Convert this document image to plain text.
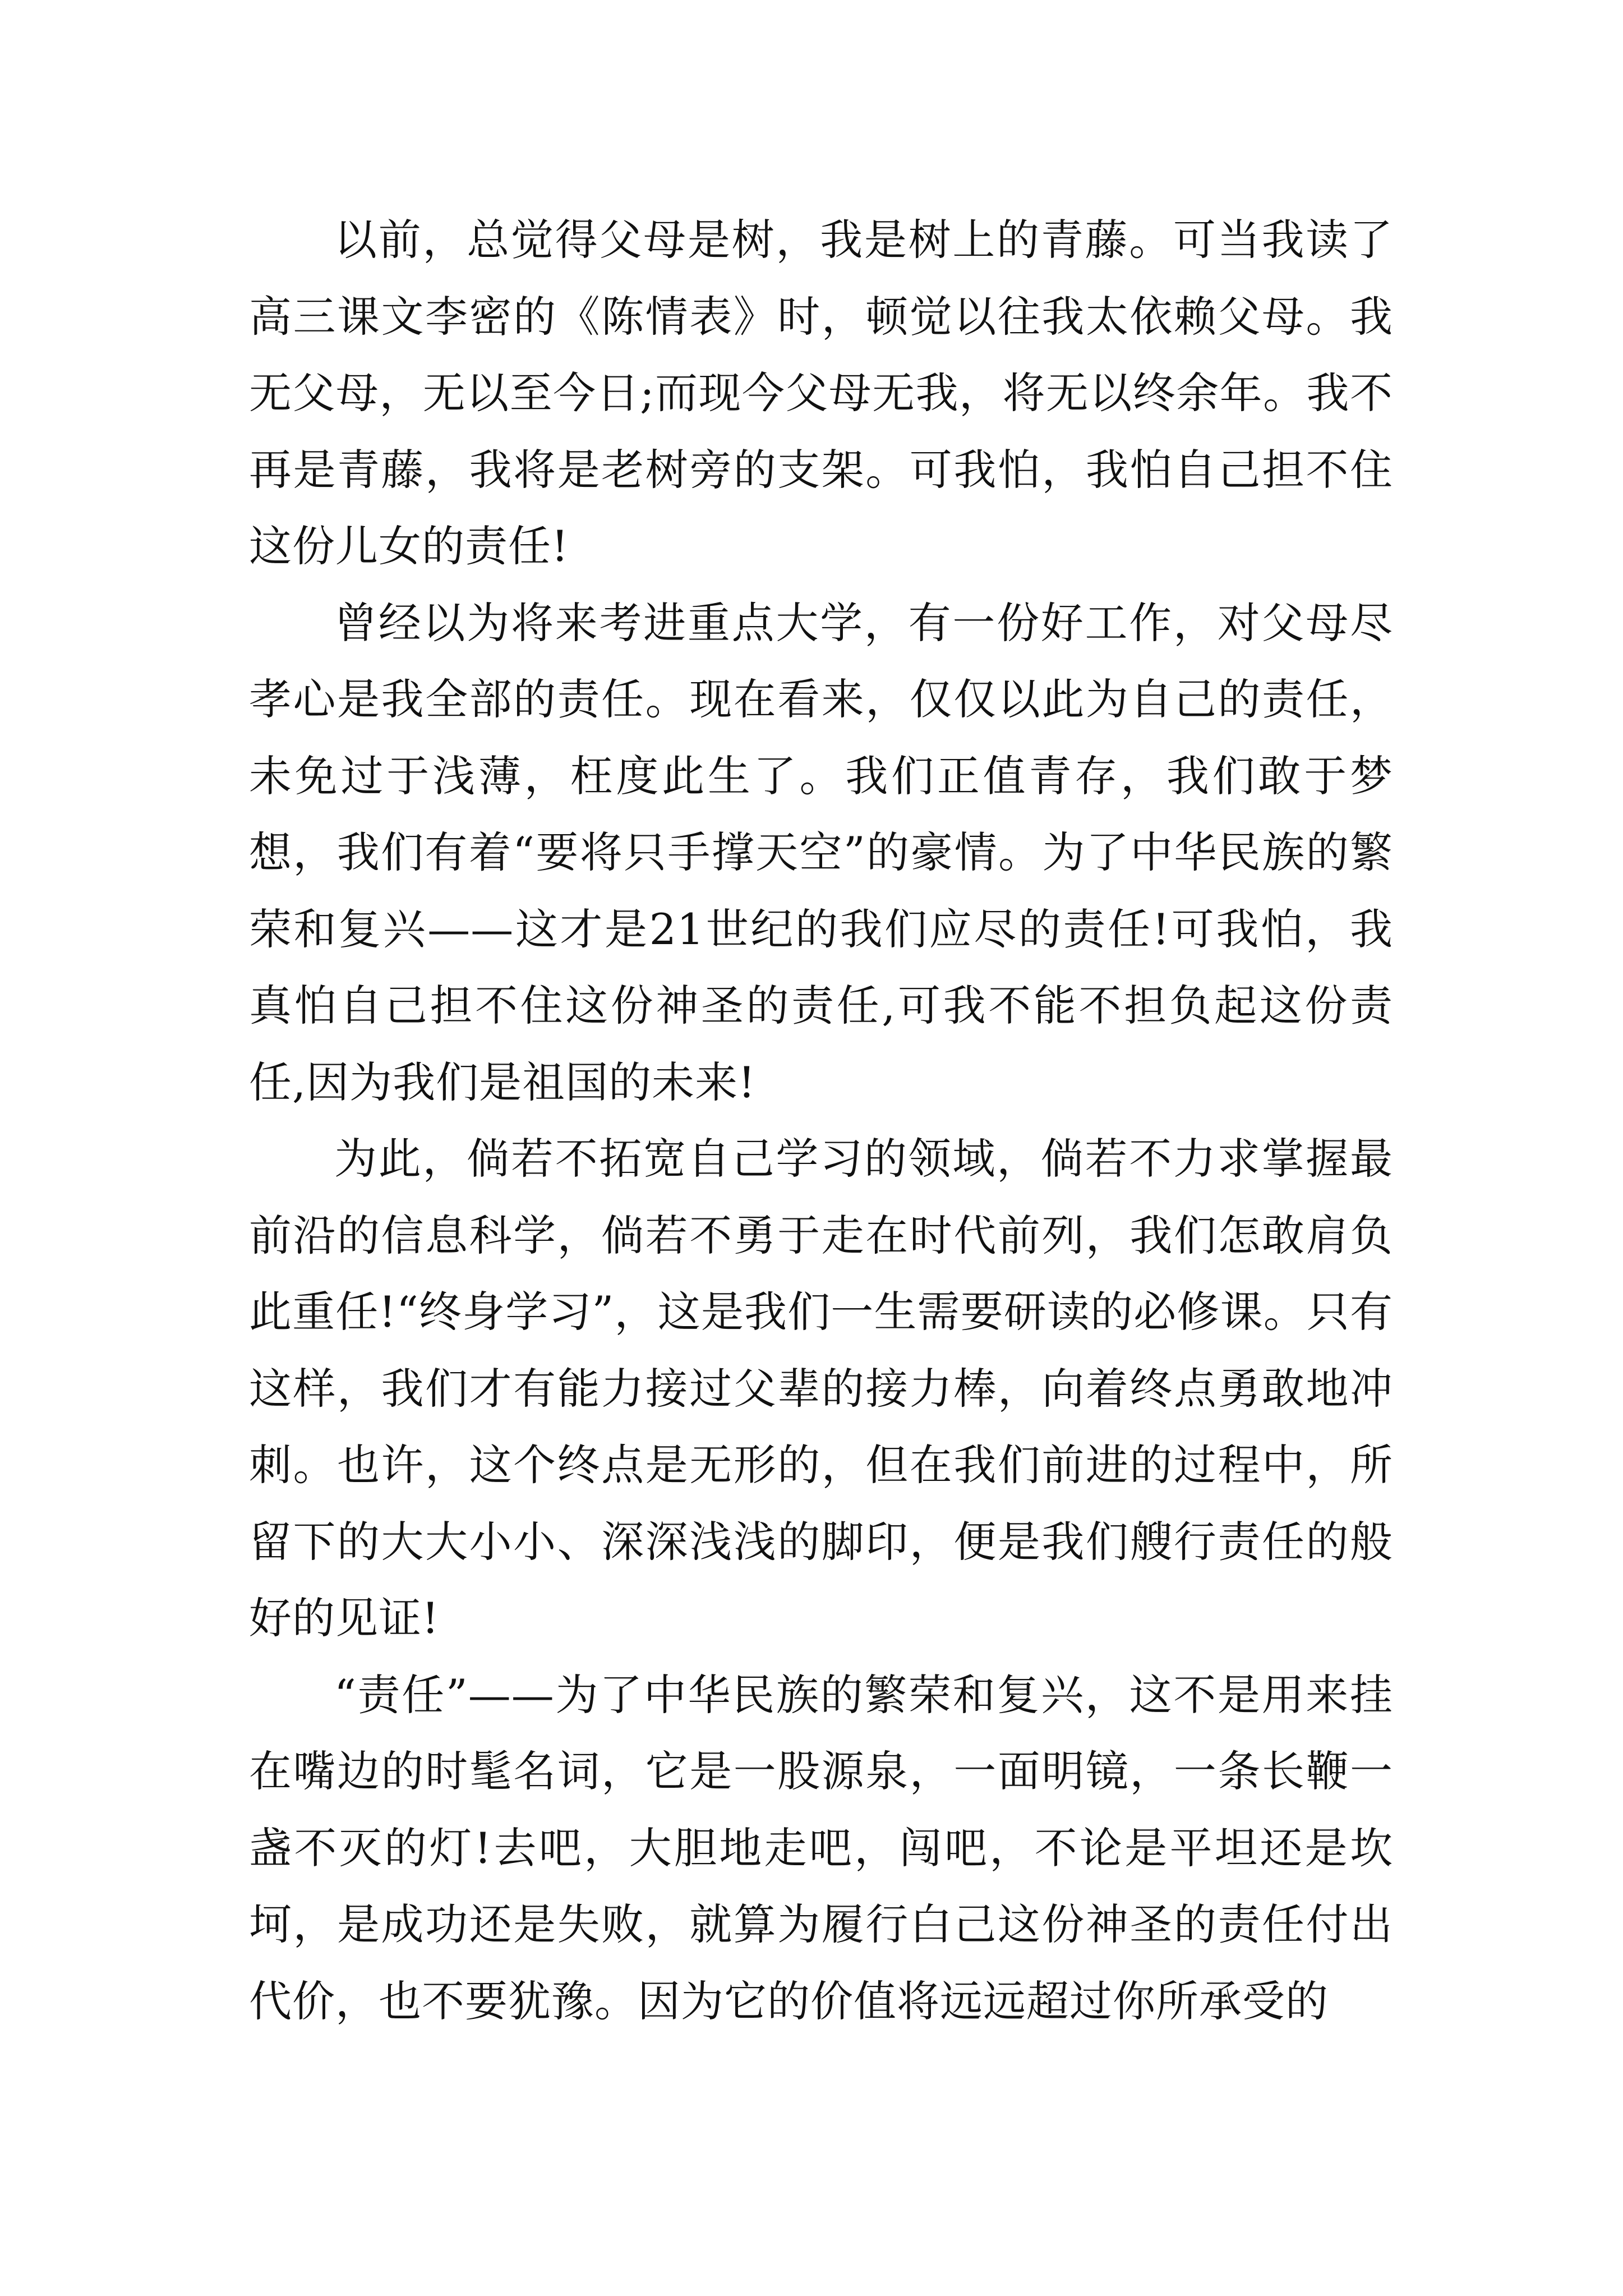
以前，总觉得父母是树，我是树上的青藤。可当我读了高三课文李密的《陈情表》时，顿觉以往我太依赖父母。我无父母，无以至今日;而现今父母无我，将无以终余年。我不再是青藤，我将是老树旁的支架。可我怕，我怕自己担不住这份儿女的责任!

曾经以为将来考进重点大学，有一份好工作，对父母尽孝心是我全部的责任。现在看来，仅仅以此为自己的责任，未免过于浅薄，枉度此生了。我们正值青存，我们敢于梦想，我们有着“要将只手撑天空”的豪情。为了中华民族的繁荣和复兴——这才是21世纪的我们应尽的责任!可我怕，我真怕自己担不住这份神圣的责任,可我不能不担负起这份责任,因为我们是祖国的未来!

为此，倘若不拓宽自己学习的领域，倘若不力求掌握最前沿的信息科学，倘若不勇于走在时代前列，我们怎敢肩负此重任!“终身学习”，这是我们一生需要研读的必修课。只有这样，我们才有能力接过父辈的接力棒，向着终点勇敢地冲刺。也许，这个终点是无形的，但在我们前进的过程中，所留下的大大小小、深深浅浅的脚印，便是我们艘行责任的般好的见证!

“责任”——为了中华民族的繁荣和复兴，这不是用来挂在嘴边的时髦名词，它是一股源泉，一面明镜，一条长鞭一盏不灭的灯!去吧，大胆地走吧，闯吧，不论是平坦还是坎坷，是成功还是失败，就算为履行白己这份神圣的责任付出代价，也不要犹豫。因为它的价值将远远超过你所承受的
